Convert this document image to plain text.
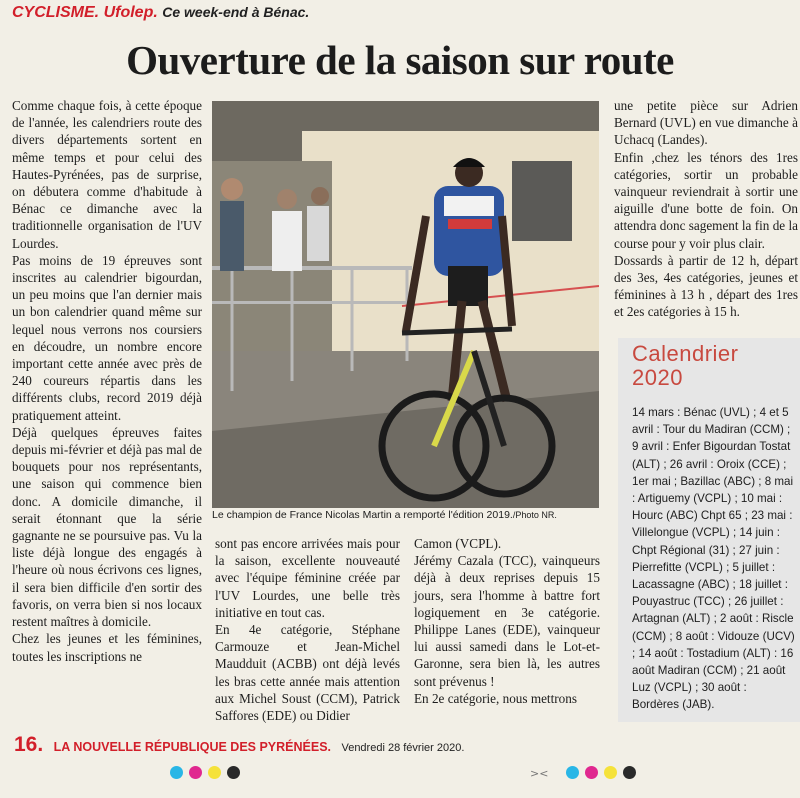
CYCLISME. Ufolep. Ce week-end à Bénac.
Ouverture de la saison sur route

Comme chaque fois, à cette époque de l'année, les calendriers route des divers départements sortent en même temps et pour celui des Hautes-Pyrénées, pas de surprise, on débutera comme d'habitude à Bénac ce dimanche avec la traditionnelle organisation de l'UV Lourdes.

Pas moins de 19 épreuves sont inscrites au calendrier bigourdan, un peu moins que l'an dernier mais un bon calendrier quand même sur lequel nous verrons nos coursiers en découdre, un nombre encore important cette année avec près de 240 coureurs répartis dans les différents clubs, record 2019 déjà pratiquement atteint.

Déjà quelques épreuves faites depuis mi-février et déjà pas mal de bouquets pour nos représentants, une saison qui commence bien donc. A domicile dimanche, il serait étonnant que la série gagnante ne se poursuive pas. Vu la liste déjà longue des engagés à l'heure où nous écrivons ces lignes, il sera bien difficile d'en sortir des favoris, on verra bien si nos locaux restent maîtres à domicile.

Chez les jeunes et les féminines, toutes les inscriptions ne

Le champion de France Nicolas Martin a remporté l'édition 2019./Photo NR.

sont pas encore arrivées mais pour la saison, excellente nouveauté avec l'équipe féminine créée par l'UV Lourdes, une belle très initiative en tout cas.

En 4e catégorie, Stéphane Carmouze et Jean-Michel Maudduit (ACBB) ont déjà levés les bras cette année mais attention aux Michel Soust (CCM), Patrick Saffores (EDE) ou Didier

Camon (VCPL).

Jérémy Cazala (TCC), vainqueurs déjà à deux reprises depuis 15 jours, sera l'homme à battre fort logiquement en 3e catégorie. Philippe Lanes (EDE), vainqueur lui aussi samedi dans le Lot-et-Garonne, sera bien là, les autres sont prévenus !

En 2e catégorie, nous mettrons

une petite pièce sur Adrien Bernard (UVL) en vue dimanche à Uchacq (Landes).

Enfin ,chez les ténors des 1res catégories, sortir un probable vainqueur reviendrait à sortir une aiguille d'une botte de foin. On attendra donc sagement la fin de la course pour y voir plus clair.

Dossards à partir de 12 h, départ des 3es, 4es catégories, jeunes et féminines à 13 h , départ des 1res et 2es catégories à 15 h.

Calendrier
2020
14 mars : Bénac (UVL) ; 4 et 5 avril : Tour du Madiran (CCM) ; 9 avril : Enfer Bigourdan Tostat (ALT) ; 26 avril : Oroix (CCE) ; 1er mai ; Bazillac (ABC) ; 8 mai : Artiguemy (VCPL) ; 10 mai : Hourc (ABC) Chpt 65 ; 23 mai : Villelongue (VCPL) ; 14 juin : Chpt Régional (31) ; 27 juin : Pierrefitte (VCPL) ; 5 juillet : Lacassagne (ABC) ; 18 juillet : Pouyastruc (TCC) ; 26 juillet : Artagnan (ALT) ; 2 août : Riscle (CCM) ; 8 août : Vidouze (UCV) ; 14 août : Tostadium (ALT) : 16 août Madiran (CCM) ; 21 août Luz (VCPL) ; 30 août : Bordères (JAB).
16. LA NOUVELLE RÉPUBLIQUE DES PYRÉNÉES. Vendredi 28 février 2020.
><
